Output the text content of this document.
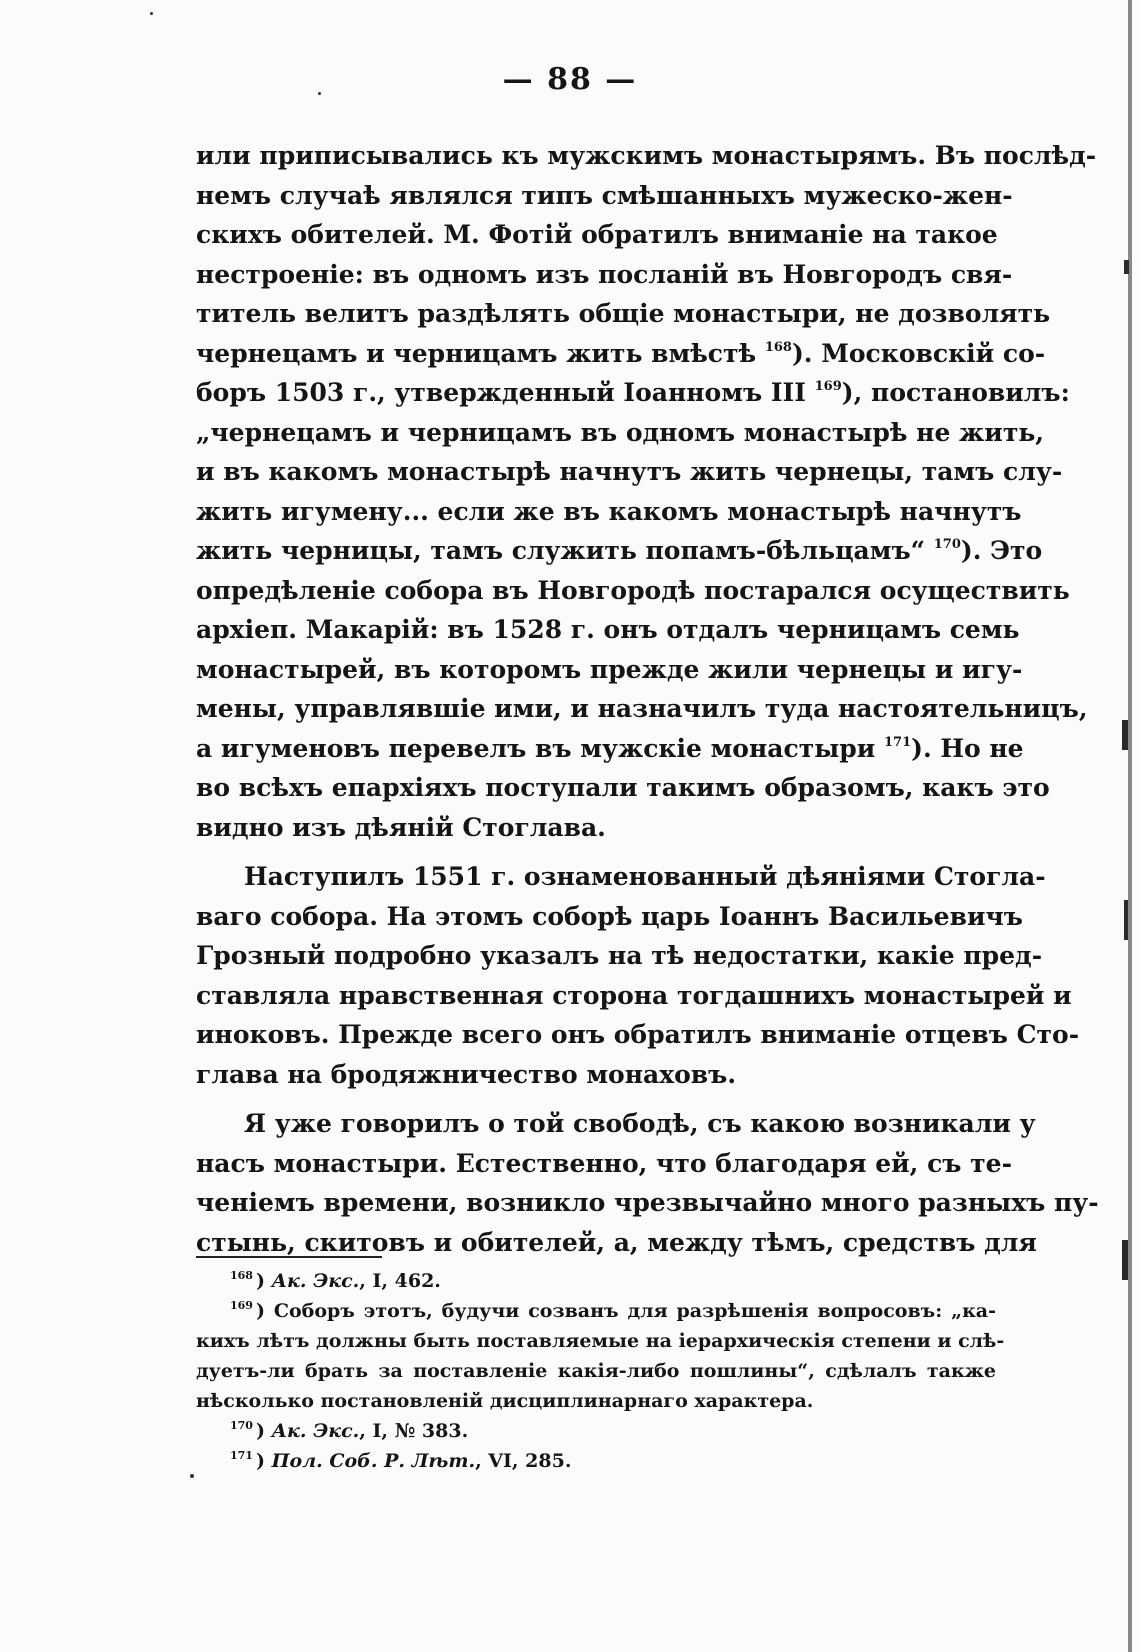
— 88 —
или приписывались къ мужскимъ монастырямъ. Въ послѣд-
немъ случаѣ являлся типъ смѣшанныхъ мужеско-жен-
скихъ обителей. М. Фотій обратилъ вниманіе на такое
нестроеніе: въ одномъ изъ посланій въ Новгородъ свя-
титель велитъ раздѣлять общіе монастыри, не дозволять
чернецамъ и черницамъ жить вмѣстѣ $^{168}$). Московскій со-
боръ 1503 г., утвержденный Іоанномъ III $^{169}$), постановилъ:
„чернецамъ и черницамъ въ одномъ монастырѣ не жить,
и въ какомъ монастырѣ начнутъ жить чернецы, тамъ слу-
жить игумену... если же въ какомъ монастырѣ начнутъ
жить черницы, тамъ служить попамъ-бѣльцамъ“ $^{170}$). Это
опредѣленіе собора въ Новгородѣ постарался осуществить
архіеп. Макарій: въ 1528 г. онъ отдалъ черницамъ семь
монастырей, въ которомъ прежде жили чернецы и игу-
мены, управлявшіе ими, и назначилъ туда настоятельницъ,
а игуменовъ перевелъ въ мужскіе монастыри $^{171}$). Но не
во всѣхъ епархіяхъ поступали такимъ образомъ, какъ это
видно изъ дѣяній Стоглава.
Наступилъ 1551 г. ознаменованный дѣяніями Стогла-
ваго собора. На этомъ соборѣ царь Іоаннъ Васильевичъ
Грозный подробно указалъ на тѣ недостатки, какіе пред-
ставляла нравственная сторона тогдашнихъ монастырей и
иноковъ. Прежде всего онъ обратилъ вниманіе отцевъ Сто-
глава на бродяжничество монаховъ.
Я уже говорилъ о той свободѣ, съ какою возникали у
насъ монастыри. Естественно, что благодаря ей, съ те-
ченіемъ времени, возникло чрезвычайно много разныхъ пу-
стынь, скитовъ и обителей, а, между тѣмъ, средствъ для
$^{168}$ ) Ак. Экс., I, 462.
$^{169}$ ) Соборъ этотъ, будучи созванъ для разрѣшенія вопросовъ: „ка-
кихъ лѣтъ должны быть поставляемые на іерархическія степени и слѣ-
дуетъ-ли брать за поставленіе какія-либо пошлины“, сдѣлалъ также
нѣсколько постановленій дисциплинарнаго характера.
$^{170}$ ) Ак. Экс., I, № 383.
$^{171}$ ) Пол. Соб. Р. Лѣт., VI, 285.
